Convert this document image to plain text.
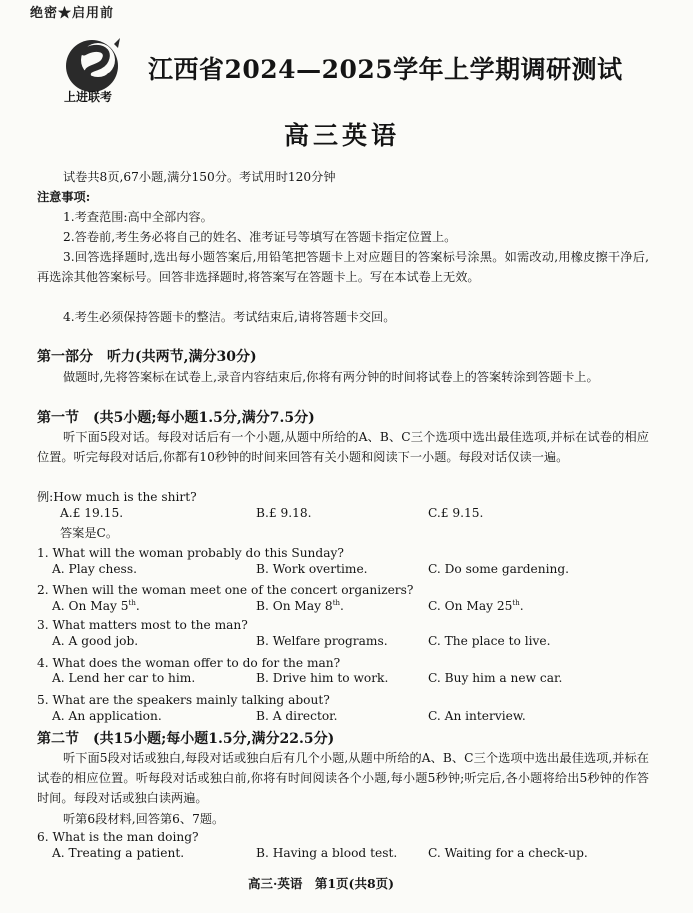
绝密★启用前
上进联考
江西省2024—2025学年上学期调研测试
高三英语
试卷共8页,67小题,满分150分。考试用时120分钟
注意事项:
1.考查范围:高中全部内容。
2.答卷前,考生务必将自己的姓名、准考证号等填写在答题卡指定位置上。
3.回答选择题时,选出每小题答案后,用铅笔把答题卡上对应题目的答案标号涂黑。如需改动,用橡皮擦干净后,再选涂其他答案标号。回答非选择题时,将答案写在答题卡上。写在本试卷上无效。
4.考生必须保持答题卡的整洁。考试结束后,请将答题卡交回。
第一部分　听力(共两节,满分30分)
做题时,先将答案标在试卷上,录音内容结束后,你将有两分钟的时间将试卷上的答案转涂到答题卡上。
第一节　(共5小题;每小题1.5分,满分7.5分)
听下面5段对话。每段对话后有一个小题,从题中所给的A、B、C三个选项中选出最佳选项,并标在试卷的相应位置。听完每段对话后,你都有10秒钟的时间来回答有关小题和阅读下一小题。每段对话仅读一遍。
例:How much is the shirt?
A.£ 19.15.	B.£ 9.18.	C.£ 9.15.
答案是C。
1. What will the woman probably do this Sunday?
A. Play chess.	B. Work overtime.	C. Do some gardening.
2. When will the woman meet one of the concert organizers?
A. On May 5th.	B. On May 8th.	C. On May 25th.
3. What matters most to the man?
A. A good job.	B. Welfare programs.	C. The place to live.
4. What does the woman offer to do for the man?
A. Lend her car to him.	B. Drive him to work.	C. Buy him a new car.
5. What are the speakers mainly talking about?
A. An application.	B. A director.	C. An interview.
第二节　(共15小题;每小题1.5分,满分22.5分)
听下面5段对话或独白,每段对话或独白后有几个小题,从题中所给的A、B、C三个选项中选出最佳选项,并标在试卷的相应位置。听每段对话或独白前,你将有时间阅读各个小题,每小题5秒钟;听完后,各小题将给出5秒钟的作答时间。每段对话或独白读两遍。
听第6段材料,回答第6、7题。
6. What is the man doing?
A. Treating a patient.	B. Having a blood test.	C. Waiting for a check-up.
高三·英语　第1页(共8页)
